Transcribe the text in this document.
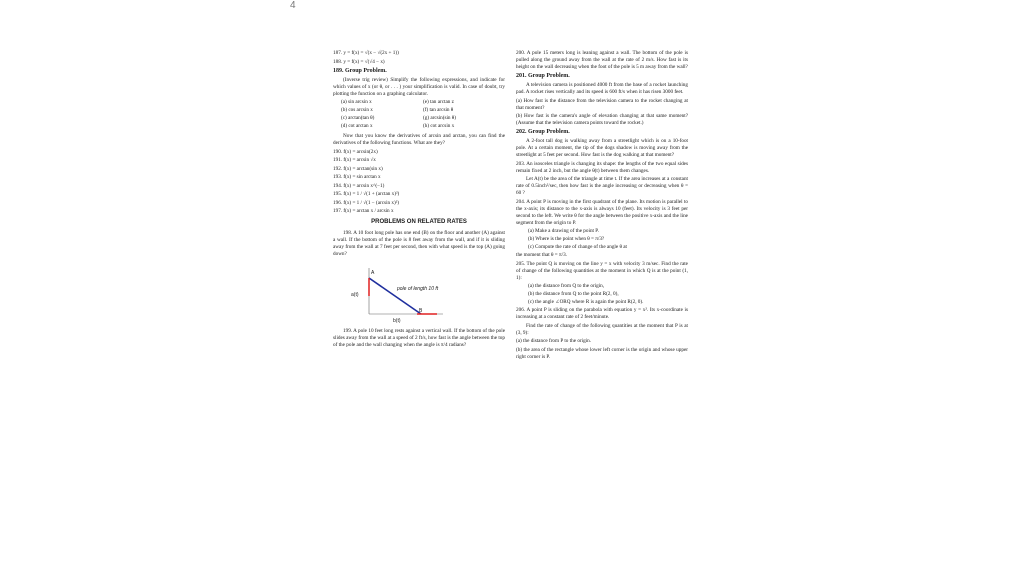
4
187. y = f(x) = √(x − √(2x + 1))
188. y = f(x) = √(√4 − x)
189. Group Problem.
(Inverse trig review) Simplify the following expressions, and indicate for which values of x (or θ, or . . . ) your simplification is valid. In case of doubt, try plotting the function on a graphing calculator.
(a) sin arcsin x	(e) tan arctan z
(b) cos arcsin x	(f) tan arcsin θ
(c) arctan(tan θ)	(g) arcsin(sin θ)
(d) cot arctan x	(h) cot arcsin x
Now that you know the derivatives of arcsin and arctan, you can find the derivatives of the following functions. What are they?
190. f(x) = arcsin(2x)
191. f(x) = arcsin √x
192. f(x) = arctan(sin x)
193. f(x) = sin arctan x
194. f(x) = arcsin x^(−1)
195. f(x) = 1 / √(1 + (arctan x)²)
196. f(x) = 1 / √(1 − (arcsin x)²)
197. f(x) = arctan x / arcsin x
PROBLEMS ON RELATED RATES
198. A 10 foot long pole has one end (B) on the floor and another (A) against a wall. If the bottom of the pole is 8 feet away from the wall, and if it is sliding away from the wall at 7 feet per second, then with what speed is the top (A) going down?
A
B
a(t)
b(t)
pole of length 10 ft
199. A pole 10 feet long rests against a vertical wall. If the bottom of the pole slides away from the wall at a speed of 2 ft/s, how fast is the angle between the top of the pole and the wall changing when the angle is π/4 radians?
200. A pole 15 meters long is leaning against a wall. The bottom of the pole is pulled along the ground away from the wall at the rate of 2 m/s. How fast is its height on the wall decreasing when the foot of the pole is 5 m away from the wall?
201. Group Problem.
A television camera is positioned 4000 ft from the base of a rocket launching pad. A rocket rises vertically and its speed is 600 ft/s when it has risen 3000 feet.
(a) How fast is the distance from the television camera to the rocket changing at that moment?
(b) How fast is the camera's angle of elevation changing at that same moment? (Assume that the television camera points toward the rocket.)
202. Group Problem.
A 2-foot tall dog is walking away from a streetlight which is on a 10-foot pole. At a certain moment, the tip of the dogs shadow is moving away from the streetlight at 5 feet per second. How fast is the dog walking at that moment?
203. An isosceles triangle is changing its shape: the lengths of the two equal sides remain fixed at 2 inch, but the angle θ(t) between them changes.
Let A(t) be the area of the triangle at time t. If the area increases at a constant rate of 0.5inch²/sec, then how fast is the angle increasing or decreasing when θ = 60 ?
204. A point P is moving in the first quadrant of the plane. Its motion is parallel to the x-axis; its distance to the x-axis is always 10 (feet). Its velocity is 3 feet per second to the left. We write θ for the angle between the positive x-axis and the line segment from the origin to P.
(a) Make a drawing of the point P.
(b) Where is the point when θ = π/3?
(c) Compute the rate of change of the angle θ at
the moment that θ = π/3.
205. The point Q is moving on the line y = x with velocity 3 m/sec. Find the rate of change of the following quantities at the moment in which Q is at the point (1, 1):
(a) the distance from Q to the origin,
(b) the distance from Q to the point R(2, 0),
(c) the angle ∠ORQ where R is again the point R(2, 0).
206. A point P is sliding on the parabola with equation y = x². Its x-coordinate is increasing at a constant rate of 2 feet/minute.
Find the rate of change of the following quantities at the moment that P is at (3, 9):
(a) the distance from P to the origin.
(b) the area of the rectangle whose lower left corner is the origin and whose upper right corner is P.
